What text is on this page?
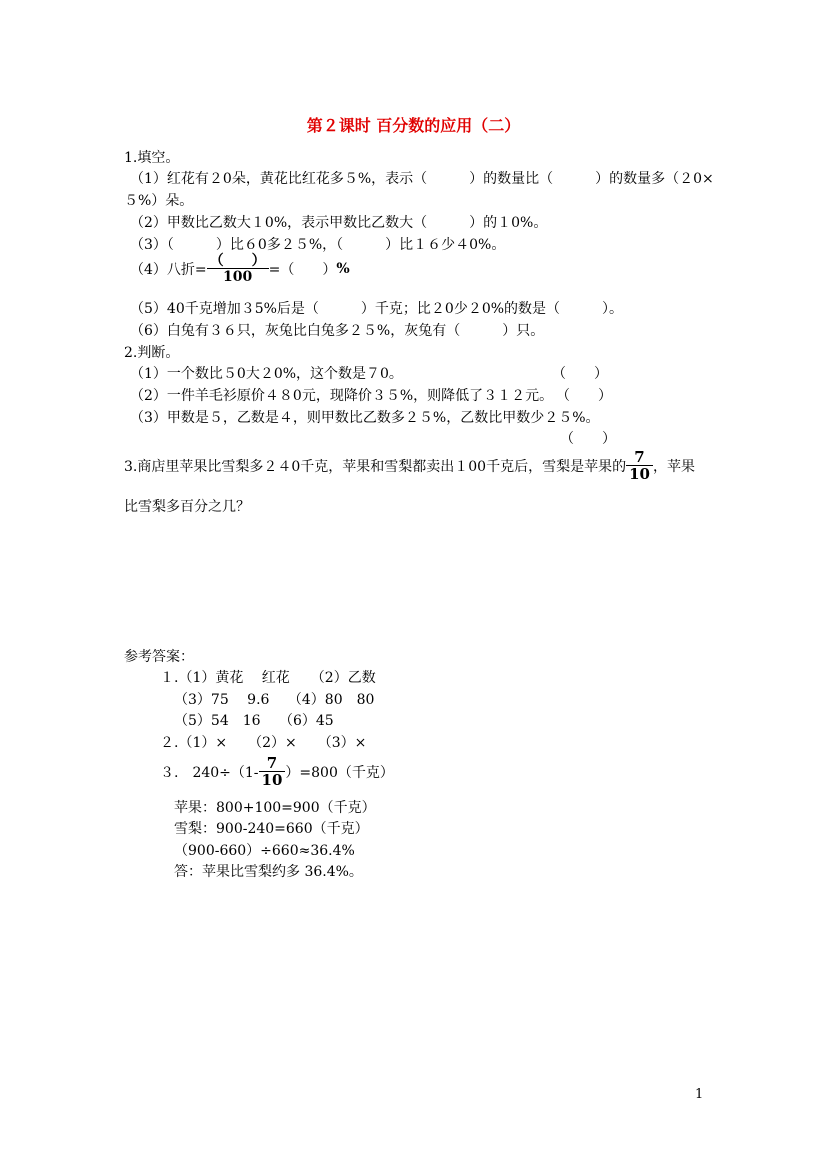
第２课时 百分数的应用（二）
1.填空。
（1）红花有２0朵，黄花比红花多５%，表示（　　　）的数量比（　　　）的数量多（２0×
５%）朵。
（2）甲数比乙数大１0%，表示甲数比乙数大（　　　）的１0%。
（3）（　　　）比６0多２５%，（　　　）比１６少４0%。
（4）八折= $\frac{( )}{100}$ =（　　）%
（5）40千克增加３5%后是（　　　）千克；比２0少２0%的数是（　　　）。
（6）白兔有３６只，灰兔比白兔多２５%，灰兔有（　　　）只。
2.判断。
（1）一个数比５0大２0%，这个数是７0。	（　　）
（2）一件羊毛衫原价４８0元，现降价３５%，则降低了３１２元。 （　　）
（3）甲数是５，乙数是４，则甲数比乙数多２５%，乙数比甲数少２５%。
（　　）
3.商店里苹果比雪梨多２４0千克，苹果和雪梨都卖出１00千克后，雪梨是苹果的 $\frac{7}{10}$ ，苹果
比雪梨多百分之几？
参考答案：
１.（1）黄花　 红花　　（2）乙数
（3）75　 9.6　 （4）80　80
（5）54　16　 （6）45
２.（1）×　　（2）×　　（3）×
３.　$240\div(1- \frac{7}{10} )=800$（千克）
苹果：800+100=900（千克）
雪梨：900-240=660（千克）
（900-660）÷660≈36.4%
答：苹果比雪梨约多 36.4%。
1
